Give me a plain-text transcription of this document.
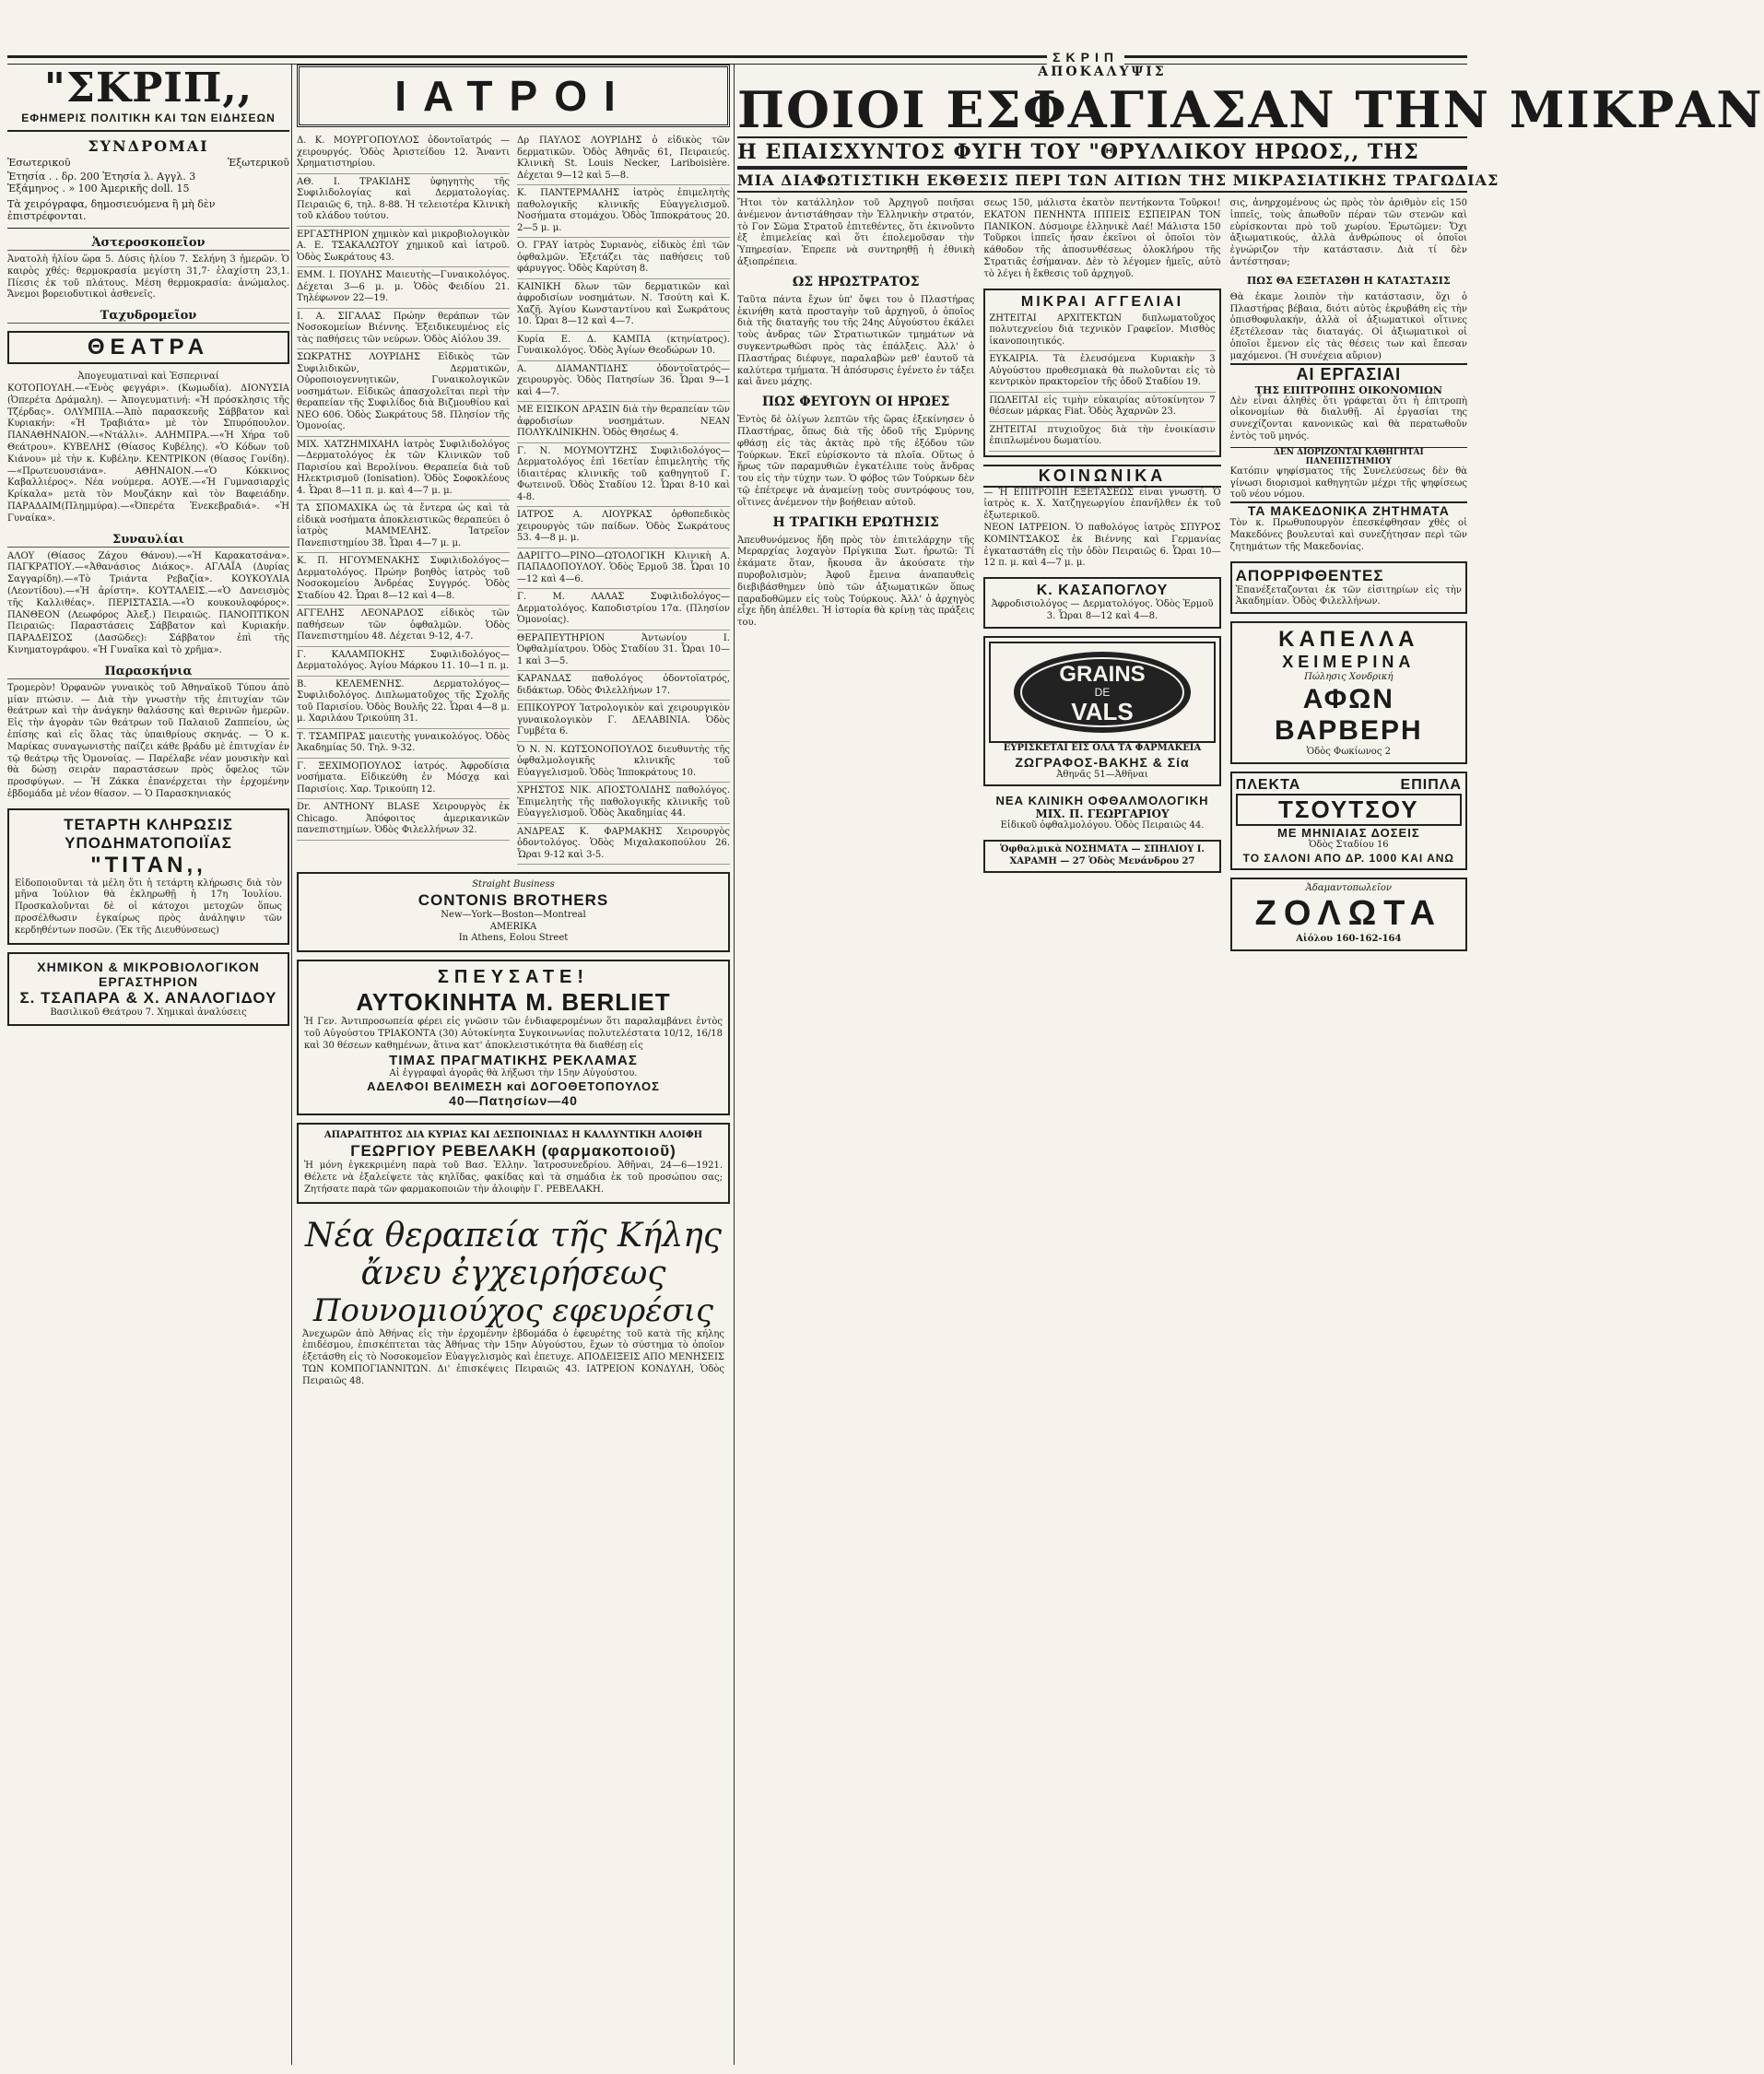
ΣΚΡΙΠ
"ΣΚΡΙΠ,,
ΕΦΗΜΕΡΙΣ ΠΟΛΙΤΙΚΗ ΚΑΙ ΤΩΝ ΕΙΔΗΣΕΩΝ
ΣΥΝΔΡΟΜΑΙ
Ἐσωτερικοῦ	Ἐξωτερικοῦ
Ἐτησία . . δρ. 200 Ἐτησία λ. Αγγλ. 3
Ἑξάμηνος . » 100 Ἀμερικῆς doll. 15
Τὰ χειρόγραφα, δημοσιευόμενα ἢ μὴ δὲν ἐπιστρέφονται.
Ἀστεροσκοπεῖον
Ἀνατολὴ ἡλίου ὥρα 5. Δύσις ἡλίου 7. Σελήνη 3 ἡμερῶν. Ὁ καιρὸς χθές: θερμοκρασία μεγίστη 31,7· ἐλαχίστη 23,1. Πίεσις ἐκ τοῦ πλάτους. Μέση θερμοκρασία: ἀνώμαλος. Ἄνεμοι βορειοδυτικοὶ ἀσθενεῖς.
Ταχυδρομεῖον
ΘΕΑΤΡΑ
Ἀπογευματιναὶ καὶ Ἑσπεριναί
ΚΟΤΟΠΟΥΛΗ.—«Ἑνὸς φεγγάρι». (Κωμωδία). ΔΙΟΝΥΣΙΑ (Ὀπερέτα Δράμαλη). — Ἀπογευματινή: «Ἡ πρόσκλησις τῆς Τζέρδας». ΟΛΥΜΠΙΑ.—Ἀπὸ παρασκευῆς Σάββατον καὶ Κυριακήν: «Ἡ Τραβιάτα» μὲ τὸν Σπυρόπουλον. ΠΑΝΑΘΗΝΑΙΟΝ.—«Ντάλλι». ΑΛΗΜΠΡΑ.—«Ἡ Χήρα τοῦ Θεάτρου». ΚΥΒΕΛΗΣ (Θίασος Κυβέλης). «Ὁ Κόδων τοῦ Κιάνου» μὲ τὴν κ. Κυβέλην. ΚΕΝΤΡΙΚΟΝ (θίασος Γονίδη).—«Πρωτευουσιάνα». ΑΘΗΝΑΙΟΝ.—«Ὁ Κόκκινος Καβαλλιέρος». Νέα νούμερα. ΑΟΥΕ.—«Ἡ Γυμνασιαρχὶς Κρίκαλα» μετὰ τὸν Μουζάκην καὶ τὸν Βαφειάδην. ΠΑΡΑΔΑΙΜ(Πλημμύρα).—«Ὀπερέτα Ἐνεκεβραδιά». «Ἡ Γυναίκα».
Συναυλίαι
ΑΛΟΥ (Θίασος Ζάχου Θάνου).—«Ἡ Καρακατσάνα». ΠΑΓΚΡΑΤΙΟΥ.—«Ἀθανάσιος Διάκος». ΑΓΛΑΪΑ (Δυρίας Σαγγαρίδη).—«Τὸ Τριάντα Ρεβαζία». ΚΟΥΚΟΥΛΙΑ (Λεοντίδου).—«Ἡ ἀρίστη». ΚΟΥΤΑΛΕΙΣ.—«Ὁ Δανεισμὸς τῆς Καλλιθέας». ΠΕΡΙΣΤΑΣΙΑ.—«Ὁ κουκουλοφόρος». ΠΑΝΘΕΟΝ (Λεωφόρος Ἀλεξ.) Πειραιῶς. ΠΑΝΟΠΤΙΚΟΝ Πειραιῶς: Παραστάσεις Σάββατον καὶ Κυριακήν. ΠΑΡΑΔΕΙΣΟΣ (Δασῶδες): Σάββατον ἐπὶ τῆς Κινηματογράφου. «Ἡ Γυναῖκα καὶ τὸ χρῆμα».
Παρασκήνια
Τρομερὸν! Ὀρφανῶν γυναικὸς τοῦ Ἀθηναϊκοῦ Τύπου ἀπὸ μίαν πτώσιν. — Διὰ τὴν γνωστὴν τῆς ἐπιτυχίαν τῶν θεάτρων καὶ τὴν ἀνάγκην θαλάσσης καὶ θερινῶν ἡμερῶν. Εἰς τὴν ἀγορὰν τῶν θεάτρων τοῦ Παλαιοῦ Ζαππείου, ὡς ἐπίσης καὶ εἰς ὅλας τὰς ὑπαιθρίους σκηνάς. — Ὁ κ. Μαρίκας συναγωνιστὴς παίζει κάθε βράδυ μὲ ἐπιτυχίαν ἐν τῷ θεάτρῳ τῆς Ὁμονοίας. — Παρέλαβε νέαν μουσικὴν καὶ θὰ δώσῃ σειρὰν παραστάσεων πρὸς ὄφελος τῶν προσφύγων. — Ἡ Ζάκκα ἐπανέρχεται τὴν ἐρχομένην ἑβδομάδα μὲ νέον θίασον. — Ὁ Παρασκηνιακός
ΤΕΤΑΡΤΗ ΚΛΗΡΩΣΙΣ
ΥΠΟΔΗΜΑΤΟΠΟΙΪΑΣ
"ΤΙΤΑΝ,,
Εἰδοποιοῦνται τὰ μέλη ὅτι ἡ τετάρτη κλήρωσις διὰ τὸν μῆνα Ἰούλιον θὰ ἐκληρωθῇ ἡ 17η Ἰουλίου. Προσκαλοῦνται δὲ οἱ κάτοχοι μετοχῶν ὅπως προσέλθωσιν ἐγκαίρως πρὸς ἀνάληψιν τῶν κερδηθέντων ποσῶν. (Ἐκ τῆς Διευθύνσεως)
ΧΗΜΙΚΟΝ & ΜΙΚΡΟΒΙΟΛΟΓΙΚΟΝ ΕΡΓΑΣΤΗΡΙΟΝ
Σ. ΤΣΑΠΑΡΑ & Χ. ΑΝΑΛΟΓΙΔΟΥ
Βασιλικοῦ Θεάτρου 7. Χημικαὶ ἀναλύσεις
ΙΑΤΡΟΙ
Δ. Κ. ΜΟΥΡΓΟΠΟΥΛΟΣ ὀδοντοϊατρός — χειρουργός. Ὁδὸς Ἀριστείδου 12. Ἄναντι Χρηματιστηρίου.
ΑΘ. Ι. ΤΡΑΚΙΔΗΣ ὑφηγητὴς τῆς Συφιλιδολογίας καὶ Δερματολογίας. Πειραιῶς 6, τηλ. 8-88. Ἡ τελειοτέρα Κλινικὴ τοῦ κλάδου τούτου.
ΕΡΓΑΣΤΗΡΙΟΝ χημικὸν καὶ μικροβιολογικὸν Α. Ε. ΤΣΑΚΑΛΩΤΟΥ χημικοῦ καὶ ἰατροῦ. Ὁδὸς Σωκράτους 43.
ΕΜΜ. Ι. ΠΟΥΛΗΣ Μαιευτὴς—Γυναικολόγος. Δέχεται 3—6 μ. μ. Ὁδὸς Φειδίου 21. Τηλέφωνον 22—19.
Ι. Α. ΣΙΓΑΛΑΣ Πρώην θεράπων τῶν Νοσοκομείων Βιέννης. Ἐξειδικευμένος εἰς τὰς παθήσεις τῶν νεύρων. Ὁδὸς Αἰόλου 39.
ΣΩΚΡΑΤΗΣ ΛΟΥΡΙΔΗΣ Εἰδικὸς τῶν Συφιλιδικῶν, Δερματικῶν, Οὐροποιογεννητικῶν, Γυναικολογικῶν νοσημάτων. Εἰδικῶς ἀπασχολεῖται περὶ τὴν θεραπείαν τῆς Συφιλίδος διὰ Βιζμουθίου καὶ ΝΕΟ 606. Ὁδὸς Σωκράτους 58. Πλησίον τῆς Ὁμονοίας.
ΜΙΧ. ΧΑΤΖΗΜΙΧΑΗΛ ἰατρὸς Συφιλιδολόγος—Δερματολόγος ἐκ τῶν Κλινικῶν τοῦ Παρισίου καὶ Βερολίνου. Θεραπεία διὰ τοῦ Ηλεκτρισμοῦ (Ionisation). Ὁδὸς Σοφοκλέους 4. Ὧραι 8—11 π. μ. καὶ 4—7 μ. μ.
ΤΑ ΣΠΟΜΑΧΙΚΑ ὡς τὰ ἔντερα ὡς καὶ τὰ εἰδικὰ νοσήματα ἀποκλειστικῶς θεραπεύει ὁ ἰατρὸς ΜΑΜΜΕΛΗΣ. Ἰατρεῖον Πανεπιστημίου 38. Ὧραι 4—7 μ. μ.
Κ. Π. ΗΓΟΥΜΕΝΑΚΗΣ Συφιλιδολόγος—Δερματολόγος. Πρώην βοηθὸς ἰατρὸς τοῦ Νοσοκομείου Ἀνδρέας Συγγρός. Ὁδὸς Σταδίου 42. Ὧραι 8—12 καὶ 4—8.
ΑΓΓΕΛΗΣ ΛΕΟΝΑΡΔΟΣ εἰδικὸς τῶν παθήσεων τῶν ὀφθαλμῶν. Ὁδὸς Πανεπιστημίου 48. Δέχεται 9-12, 4-7.
Γ. ΚΑΛΑΜΠΟΚΗΣ Συφιλιδολόγος—Δερματολόγος. Ἀγίου Μάρκου 11. 10—1 π. μ.
Β. ΚΕΛΕΜΕΝΗΣ. Δερματολόγος—Συφιλιδολόγος. Διπλωματοῦχος τῆς Σχολῆς τοῦ Παρισίου. Ὁδὸς Βουλῆς 22. Ὧραι 4—8 μ. μ. Χαριλάου Τρικούπη 31.
Τ. ΤΣΑΜΠΡΑΣ μαιευτὴς γυναικολόγος. Ὁδὸς Ἀκαδημίας 50. Τηλ. 9-32.
Γ. ΞΕΧΙΜΟΠΟΥΛΟΣ ἰατρός. Ἀφροδίσια νοσήματα. Εἰδικεύθη ἐν Μόσχᾳ καὶ Παρισίοις. Χαρ. Τρικούπη 12.
Dr. ANTHONY BLASE Χειρουργὸς ἐκ Chicago. Ἀπόφοιτος ἀμερικανικῶν πανεπιστημίων. Ὁδὸς Φιλελλήνων 32.
Δρ ΠΑΥΛΟΣ ΛΟΥΡΙΔΗΣ ὁ εἰδικὸς τῶν δερματικῶν. Ὁδὸς Ἀθηνᾶς 61, Πειραιεύς. Κλινικὴ St. Louis Necker, Lariboisière. Δέχεται 9—12 καὶ 5—8.
Κ. ΠΑΝΤΕΡΜΑΛΗΣ ἰατρὸς ἐπιμελητὴς παθολογικῆς κλινικῆς Εὐαγγελισμοῦ. Νοσήματα στομάχου. Ὁδὸς Ἱπποκράτους 20. 2—5 μ. μ.
Ο. ΓΡΑΥ ἰατρὸς Συριανὸς, εἰδικὸς ἐπὶ τῶν ὀφθαλμῶν. Ἐξετάζει τὰς παθήσεις τοῦ φάρυγγος. Ὁδὸς Καρύτση 8.
ΚΑΙΝΙΚΗ δλων τῶν δερματικῶν καὶ ἀφροδισίων νοσημάτων. Ν. Τσούτη καὶ Κ. Χαζῆ. Ἁγίου Κωνσταντίνου καὶ Σωκράτους 10. Ὧραι 8—12 καὶ 4—7.
Κυρία Ε. Δ. ΚΑΜΠΑ (κτηνίατρος). Γυναικολόγος. Ὁδὸς Ἀγίων Θεοδώρων 10.
Α. ΔΙΑΜΑΝΤΙΔΗΣ ὀδοντοϊατρός—χειρουργὸς. Ὁδὸς Πατησίων 36. Ὧραι 9—1 καὶ 4—7.
ΜΕ ΕΙΣΙΚΟΝ ΔΡΑΣΙΝ διὰ τὴν θεραπείαν τῶν ἀφροδισίων νοσημάτων. ΝΕΑΝ ΠΟΛΥΚΛΙΝΙΚΗΝ. Ὁδὸς Θησέως 4.
Γ. Ν. ΜΟΥΜΟΥΤΖΗΣ Συφιλιδολόγος—Δερματολόγος ἐπὶ 16ετίαν ἐπιμελητὴς τῆς ἰδιαιτέρας κλινικῆς τοῦ καθηγητοῦ Γ. Φωτεινοῦ. Ὁδὸς Σταδίου 12. Ὧραι 8-10 καὶ 4-8.
ΙΑΤΡΟΣ Α. ΛΙΟΥΡΚΑΣ ὀρθοπεδικὸς χειρουργὸς τῶν παίδων. Ὁδὸς Σωκράτους 53. 4—8 μ. μ.
ΔΑΡΙΓΓΟ—ΡΙΝΟ—ΩΤΟΛΟΓΙΚΗ Κλινικὴ Α. ΠΑΠΑΔΟΠΟΥΛΟΥ. Ὁδὸς Ἑρμοῦ 38. Ὧραι 10—12 καὶ 4—6.
Γ. Μ. ΛΑΛΑΣ Συφιλιδολόγος—Δερματολόγος. Καποδιστρίου 17α. (Πλησίον Ὁμονοίας).
ΘΕΡΑΠΕΥΤΗΡΙΟΝ Ἀντωνίου Ι. Ὀφθαλμίατρου. Ὁδὸς Σταδίου 31. Ὧραι 10—1 καὶ 3—5.
ΚΑΡΑΝΔΑΣ παθολόγος ὀδοντοϊατρός, διδάκτωρ. Ὁδὸς Φιλελλήνων 17.
ΕΠΙΚΟΥΡΟΥ Ἱατρολογικὸν καὶ χειρουργικὸν γυναικολογικὸν Γ. ΔΕΛΑΒΙΝΙΑ. Ὁδὸς Γυμβέτα 6.
Ὁ Ν. Ν. ΚΩΤΣΟΝΟΠΟΥΛΟΣ διευθυντὴς τῆς ὀφθαλμολογικῆς κλινικῆς τοῦ Εὐαγγελισμοῦ. Ὁδὸς Ἱπποκράτους 10.
ΧΡΗΣΤΟΣ ΝΙΚ. ΑΠΟΣΤΟΛΙΔΗΣ παθολόγος. Ἐπιμελητὴς τῆς παθολογικῆς κλινικῆς τοῦ Εὐαγγελισμοῦ. Ὁδὸς Ἀκαδημίας 44.
ΑΝΔΡΕΑΣ Κ. ΦΑΡΜΑΚΗΣ Χειρουργὸς ὀδοντολόγος. Ὁδὸς Μιχαλακοπούλου 26. Ὧραι 9-12 καὶ 3-5.
Straight Business
CONTONIS BROTHERS
New—York—Boston—Montreal
AMERIKA
In Athens, Eolou Street
ΣΠΕΥΣΑΤΕ!
ΑΥΤΟΚΙΝΗΤΑ Μ. BERLIET
Ἡ Γεν. Ἀντιπροσωπεία φέρει εἰς γνῶσιν τῶν ἐνδιαφερομένων ὅτι παραλαμβάνει ἐντὸς τοῦ Αὐγούστου ΤΡΙΑΚΟΝΤΑ (30) Αὐτοκίνητα Συγκοινωνίας πολυτελέστατα 10/12, 16/18 καὶ 30 θέσεων καθημένων, ἅτινα κατ' ἀποκλειστικότητα θὰ διαθέσῃ εἰς
ΤΙΜΑΣ ΠΡΑΓΜΑΤΙΚΗΣ ΡΕΚΛΑΜΑΣ
Αἱ ἐγγραφαὶ ἀγορᾶς θὰ λήξωσι τὴν 15ην Αὐγούστου.
ΑΔΕΛΦΟΙ ΒΕΛΙΜΕΣΗ καὶ ΔΟΓΟΘΕΤΟΠΟΥΛΟΣ
40—Πατησίων—40
ΑΠΑΡΑΙΤΗΤΟΣ ΔΙΑ ΚΥΡΙΑΣ ΚΑΙ ΔΕΣΠΟΙΝΙΔΑΣ Η ΚΑΛΛΥΝΤΙΚΗ ΑΛΟΙΦΗ
ΓΕΩΡΓΙΟΥ ΡΕΒΕΛΑΚΗ (φαρμακοποιοῦ)
Ἡ μόνη ἐγκεκριμένη παρὰ τοῦ Βασ. Ἑλλην. Ἰατροσυνεδρίου. Ἀθῆναι, 24—6—1921. Θέλετε νὰ ἐξαλείψετε τὰς κηλῖδας, φακίδας καὶ τὰ σημάδια ἐκ τοῦ προσώπου σας; Ζητήσατε παρὰ τῶν φαρμακοποιῶν τὴν ἀλοιφὴν Γ. ΡΕΒΕΛΑΚΗ.
Νέα θεραπεία τῆς Κήλης
ἄνευ ἐγχειρήσεως
Πουνομιούχος εφευρέσις
Ἀνεχωρῶν ἀπὸ Ἀθήνας εἰς τὴν ἐρχομένην ἑβδομάδα ὁ ἐφευρέτης τοῦ κατὰ τῆς κήλης ἐπιδέσμου, ἐπισκέπτεται τὰς Ἀθήνας τὴν 15ην Αὐγούστου, ἔχων τὸ σύστημα τὸ ὁποῖον ἐξετάσθη εἰς τὸ Νοσοκομεῖον Εὐαγγελισμὸς καὶ ἐπετυχε. ΑΠΟΔΕΙΞΕΙΣ ΑΠΟ ΜΕΝΗΣΕΙΣ ΤΩΝ ΚΟΜΠΟΓΙΑΝΝΙΤΩΝ. Δι' ἐπισκέψεις Πειραιῶς 43. ΙΑΤΡΕΙΟΝ ΚΟΝΔΥΛΗ, Ὁδὸς Πειραιῶς 48.
ΑΠΟΚΑΛΥΨΙΣ
ΠΟΙΟΙ ΕΣΦΑΓΙΑΣΑΝ ΤΗΝ ΜΙΚΡΑΝ
Η ΕΠΑΙΣΧΥΝΤΟΣ ΦΥΓΗ ΤΟΥ "ΘΡΥΛΛΙΚΟΥ ΗΡΩΟΣ,, ΤΗΣ
ΜΙΑ ΔΙΑΦΩΤΙΣΤΙΚΗ ΕΚΘΕΣΙΣ ΠΕΡΙ ΤΩΝ ΑΙΤΙΩΝ ΤΗΣ ΜΙΚΡΑΣΙΑΤΙΚΗΣ ΤΡΑΓΩΔΙΑΣ
Ἤτοι τὸν κατάλληλον τοῦ Ἀρχηγοῦ ποιῆσαι ἀνέμενον ἀντιστάθησαν τὴν Ἑλληνικὴν στρατόν, τὸ Γον Σῶμα Στρατοῦ ἐπιτεθέντες, ὅτι ἐκινοῦντο ἐξ ἐπιμελείας καὶ ὅτι ἐπολεμοῦσαν τὴν Ὑπηρεσίαν. Ἐπρεπε νὰ συντηρηθῇ ἡ ἐθνικὴ ἀξιοπρέπεια.
ΩΣ ΗΡΩΣΤΡΑΤΟΣ
Ταῦτα πάντα ἔχων ὑπ' ὄψει του ὁ Πλαστήρας ἐκινήθη κατὰ προσταγὴν τοῦ ἀρχηγοῦ, ὁ ὁποῖος διὰ τῆς διαταγῆς του τῆς 24ης Αὐγούστου ἐκάλει τοὺς ἀνδρας τῶν Στρατιωτικῶν τμημάτων νὰ συγκεντρωθῶσι πρὸς τὰς ἐπάλξεις. Ἀλλ' ὁ Πλαστήρας διέφυγε, παραλαβὼν μεθ' ἑαυτοῦ τὰ καλύτερα τμήματα. Ἡ ἀπόσυρσις ἐγένετο ἐν τάξει καὶ ἄνευ μάχης.
ΠΩΣ ΦΕΥΓΟΥΝ ΟΙ ΗΡΩΕΣ
Ἐντὸς δὲ ὀλίγων λεπτῶν τῆς ὥρας ἐξεκίνησεν ὁ Πλαστήρας, ὅπως διὰ τῆς ὁδοῦ τῆς Σμύρνης φθάσῃ εἰς τὰς ἀκτὰς πρὸ τῆς ἐξόδου τῶν Τούρκων. Ἐκεῖ εὑρίσκοντο τὰ πλοῖα. Οὕτως ὁ ἥρως τῶν παραμυθιῶν ἐγκατέλιπε τοὺς ἄνδρας του εἰς τὴν τύχην των. Ὁ φόβος τῶν Τούρκων δὲν τῷ ἐπέτρεψε νὰ ἀναμείνῃ τοὺς συντρόφους του, οἵτινες ἀνέμενον τὴν βοήθειαν αὐτοῦ.
Η ΤΡΑΓΙΚΗ ΕΡΩΤΗΣΙΣ
Ἀπευθυνόμενος ἤδη πρὸς τὸν ἐπιτελάρχην τῆς Μεραρχίας λοχαγὸν Πρίγκιπα Σωτ. ἠρωτῶ: Τί ἐκάματε ὅταν, ἤκουσα ἂν ἀκούσατε τὴν πυροβολισμὸν; Ἀφοῦ ἔμεινα ἀναπαυθεὶς διεβιβάσθημεν ὑπὸ τῶν ἀξιωματικῶν ὅπως παραδοθῶμεν εἰς τοὺς Τούρκους. Ἀλλ' ὁ ἀρχηγὸς εἶχε ἤδη ἀπέλθει. Ἡ ἱστορία θὰ κρίνῃ τὰς πράξεις του.
σεως 150, μάλιστα ἑκατὸν πεντήκοντα Τοῦρκοι! ΕΚΑΤΟΝ ΠΕΝΗΝΤΑ ΙΠΠΕΙΣ ΕΣΠΕΙΡΑΝ ΤΟΝ ΠΑΝΙΚΟΝ. Δύσμοιρε ἑλληνικὲ Λαέ! Μάλιστα 150 Τοῦρκοι ἱππεῖς ἦσαν ἐκεῖνοι οἱ ὁποῖοι τὸν κάθοδον τῆς ἀποσυνθέσεως ὁλοκλήρου τῆς Στρατιᾶς ἐσήμαναν. Δὲν τὸ λέγομεν ἡμεῖς, αὐτὸ τὸ λέγει ἡ ἔκθεσις τοῦ ἀρχηγοῦ.
ΜΙΚΡΑΙ ΑΓΓΕΛΙΑΙ
ΖΗΤΕΙΤΑΙ ΑΡΧΙΤΕΚΤΩΝ διπλωματοῦχος πολυτεχνείου διὰ τεχνικὸν Γραφεῖον. Μισθὸς ἱκανοποιητικός.
ΕΥΚΑΙΡΙΑ. Τὰ ἐλευσόμενα Κυριακὴν 3 Αὐγούστου προθεσμιακὰ θὰ πωλοῦνται εἰς τὸ κεντρικὸν πρακτορεῖον τῆς ὁδοῦ Σταδίου 19.
ΠΩΛΕΙΤΑΙ εἰς τιμὴν εὐκαιρίας αὐτοκίνητον 7 θέσεων μάρκας Fiat. Ὁδὸς Ἀχαρνῶν 23.
ΖΗΤΕΙΤΑΙ πτυχιοῦχος διὰ τὴν ἐνοικίασιν ἐπιπλωμένου δωματίου.
ΚΟΙΝΩΝΙΚΑ
— Ἡ ΕΠΙΤΡΟΠΗ ΕΞΕΤΑΣΕΩΣ εἶναι γνωστή. Ὁ ἰατρὸς κ. Χ. Χατζηγεωργίου ἐπανῆλθεν ἐκ τοῦ ἐξωτερικοῦ.
ΝΕΟΝ ΙΑΤΡΕΙΟΝ. Ὁ παθολόγος ἰατρὸς ΣΠΥΡΟΣ ΚΟΜΙΝΤΣΑΚΟΣ ἐκ Βιέννης καὶ Γερμανίας ἐγκαταστάθη εἰς τὴν ὁδὸν Πειραιῶς 6. Ὧραι 10—12 π. μ. καὶ 4—7 μ. μ.
Κ. ΚΑΣΑΠΟΓΛΟΥ
Ἀφροδισιολόγος — Δερματολόγος. Ὁδὸς Ἑρμοῦ 3. Ὧραι 8—12 καὶ 4—8.
GRAINS
DE
VALS
ΕΥΡΙΣΚΕΤΑΙ ΕΙΣ ΟΛΑ ΤΑ ΦΑΡΜΑΚΕΙΑ
ΖΩΓΡΑΦΟΣ-ΒΑΚΗΣ & Σία
Ἀθηνᾶς 51—Ἀθῆναι
ΝΕΑ ΚΛΙΝΙΚΗ ΟΦΘΑΛΜΟΛΟΓΙΚΗ
ΜΙΧ. Π. ΓΕΩΡΓΑΡΙΟΥ
Εἰδικοῦ ὀφθαλμολόγου. Ὁδὸς Πειραιῶς 44.
Ὁφθαλμικὰ ΝΟΣΗΜΑΤΑ — ΣΠΗΛΙΟΥ Ι. ΧΑΡΑΜΗ — 27 Ὁδὸς Μενάνδρου 27
σις, ἀνηρχομένους ὡς πρὸς τὸν ἀριθμὸν εἰς 150 ἱππεῖς, τοὺς ἀπωθοῦν πέραν τῶν στενῶν καὶ εὑρίσκονται πρὸ τοῦ χωρίου. Ἐρωτῶμεν: Ὄχι ἀξιωματικούς, ἀλλὰ ἀνθρώπους οἱ ὁποῖοι ἐγνώριζον τὴν κατάστασιν. Διὰ τί δὲν ἀντέστησαν;
ΠΩΣ ΘΑ ΕΞΕΤΑΣΘΗ Η ΚΑΤΑΣΤΑΣΙΣ
Θὰ ἐκαμε λοιπὸν τὴν κατάστασιν, ὅχι ὁ Πλαστήρας βέβαια, διότι αὐτὸς ἐκρυβάθη εἰς τὴν ὀπισθοφυλακήν, ἀλλὰ οἱ ἀξιωματικοὶ οἵτινες ἐξετέλεσαν τὰς διαταγάς. Οἱ ἀξιωματικοὶ οἱ ὁποῖοι ἔμενον εἰς τὰς θέσεις των καὶ ἔπεσαν μαχόμενοι. (Ἡ συνέχεια αὔριον)
ΑΙ ΕΡΓΑΣΙΑΙ
ΤΗΣ ΕΠΙΤΡΟΠΗΣ ΟΙΚΟΝΟΜΙΩΝ
Δὲν εἶναι ἀληθὲς ὅτι γράφεται ὅτι ἡ ἐπιτροπὴ οἰκονομίων θὰ διαλυθῇ. Αἱ ἐργασίαι της συνεχίζονται κανονικῶς καὶ θὰ περατωθοῦν ἐντὸς τοῦ μηνός.
ΔΕΝ ΔΙΟΡΙΖΟΝΤΑΙ ΚΑΘΗΓΗΤΑΙ ΠΑΝΕΠΙΣΤΗΜΙΟΥ
Κατόπιν ψηφίσματος τῆς Συνελεύσεως δὲν θὰ γίνωσι διορισμοὶ καθηγητῶν μέχρι τῆς ψηφίσεως τοῦ νέου νόμου.
ΤΑ ΜΑΚΕΔΟΝΙΚΑ ΖΗΤΗΜΑΤΑ
Τὸν κ. Πρωθυπουργὸν ἐπεσκέφθησαν χθὲς οἱ Μακεδόνες βουλευταὶ καὶ συνεζήτησαν περὶ τῶν ζητημάτων τῆς Μακεδονίας.
ΑΠΟΡΡΙΦΘΕΝΤΕΣ
Ἐπανέξεταζονται ἐκ τῶν εἰσιτηρίων εἰς τὴν Ἀκαδημίαν. Ὁδὸς Φιλελλήνων.
ΚΑΠΕΛΛΑ
ΧΕΙΜΕΡΙΝΑ
Πώλησις Χονδρική
ΑΦΩΝ ΒΑΡΒΕΡΗ
Ὁδὸς Φωκίωνος 2
ΠΛΕΚΤΑ	ΕΠΙΠΛΑ
ΤΣΟΥΤΣΟΥ
ΜΕ ΜΗΝΙΑΙΑΣ ΔΟΣΕΙΣ
Ὁδὸς Σταδίου 16
ΤΟ ΣΑΛΟΝΙ ΑΠΟ ΔΡ. 1000 ΚΑΙ ΑΝΩ
Ἀδαμαντοπωλεῖον
ΖΟΛΩΤΑ
Αἰόλου 160-162-164
